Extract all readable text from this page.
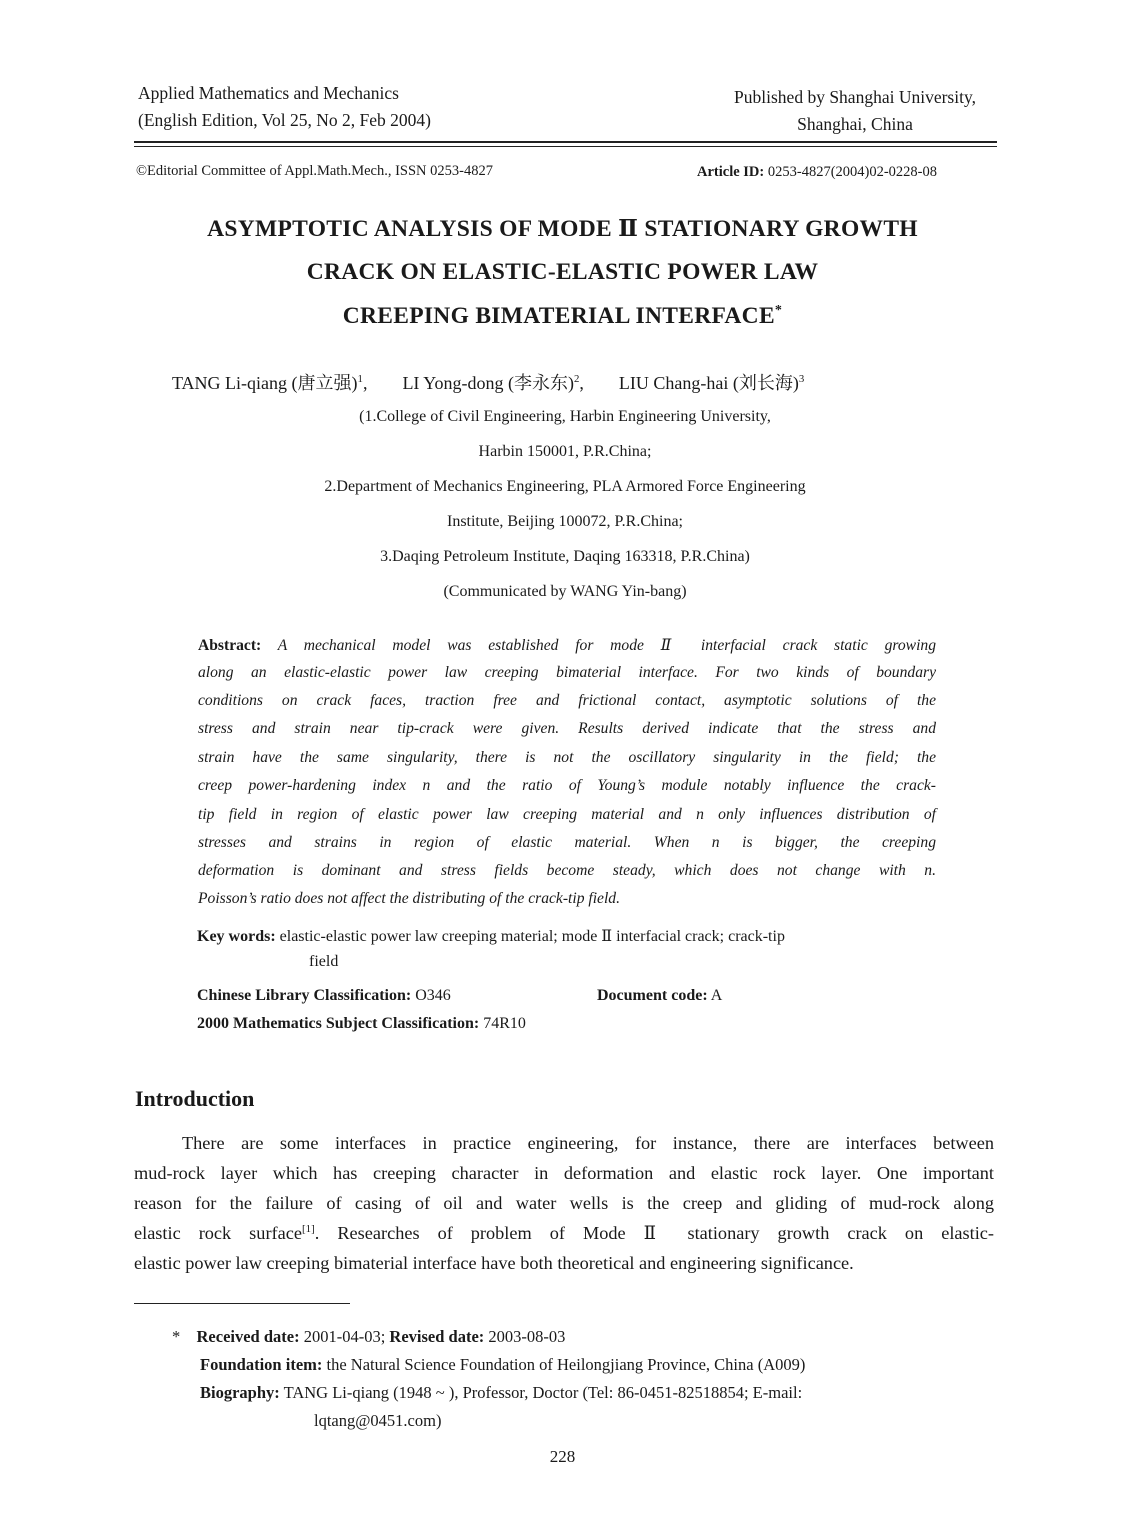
Applied Mathematics and Mechanics
(English Edition, Vol 25, No 2, Feb 2004)
Published by Shanghai University,
Shanghai, China
©Editorial Committee of Appl.Math.Mech., ISSN 0253-4827	Article ID: 0253-4827(2004)02-0228-08
ASYMPTOTIC ANALYSIS OF MODE Ⅱ STATIONARY GROWTH
CRACK ON ELASTIC-ELASTIC POWER LAW
CREEPING BIMATERIAL INTERFACE*
TANG Li-qiang (唐立强)$^1$, LI Yong-dong (李永东)$^2$, LIU Chang-hai (刘长海)$^3$
(1.College of Civil Engineering, Harbin Engineering University,
Harbin 150001, P.R.China;
2.Department of Mechanics Engineering, PLA Armored Force Engineering
Institute, Beijing 100072, P.R.China;
3.Daqing Petroleum Institute, Daqing 163318, P.R.China)
(Communicated by WANG Yin-bang)
Abstract: A mechanical model was established for mode Ⅱ interfacial crack static growing
along an elastic-elastic power law creeping bimaterial interface. For two kinds of boundary
conditions on crack faces, traction free and frictional contact, asymptotic solutions of the
stress and strain near tip-crack were given. Results derived indicate that the stress and
strain have the same singularity, there is not the oscillatory singularity in the field; the
creep power-hardening index n and the ratio of Young’s module notably influence the crack-
tip field in region of elastic power law creeping material and n only influences distribution of
stresses and strains in region of elastic material. When n is bigger, the creeping
deformation is dominant and stress fields become steady, which does not change with n.
Poisson’s ratio does not affect the distributing of the crack-tip field.
Key words: elastic-elastic power law creeping material; mode Ⅱ interfacial crack; crack-tip
field
Chinese Library Classification: O346	Document code: A
2000 Mathematics Subject Classification: 74R10
Introduction
There are some interfaces in practice engineering, for instance, there are interfaces between
mud-rock layer which has creeping character in deformation and elastic rock layer. One important
reason for the failure of casing of oil and water wells is the creep and gliding of mud-rock along
elastic rock surface[1]. Researches of problem of Mode Ⅱ stationary growth crack on elastic-
elastic power law creeping bimaterial interface have both theoretical and engineering significance.
* Received date: 2001-04-03; Revised date: 2003-08-03
Foundation item: the Natural Science Foundation of Heilongjiang Province, China (A009)
Biography: TANG Li-qiang (1948 ~ ), Professor, Doctor (Tel: 86-0451-82518854; E-mail:
lqtang@0451.com)
228
